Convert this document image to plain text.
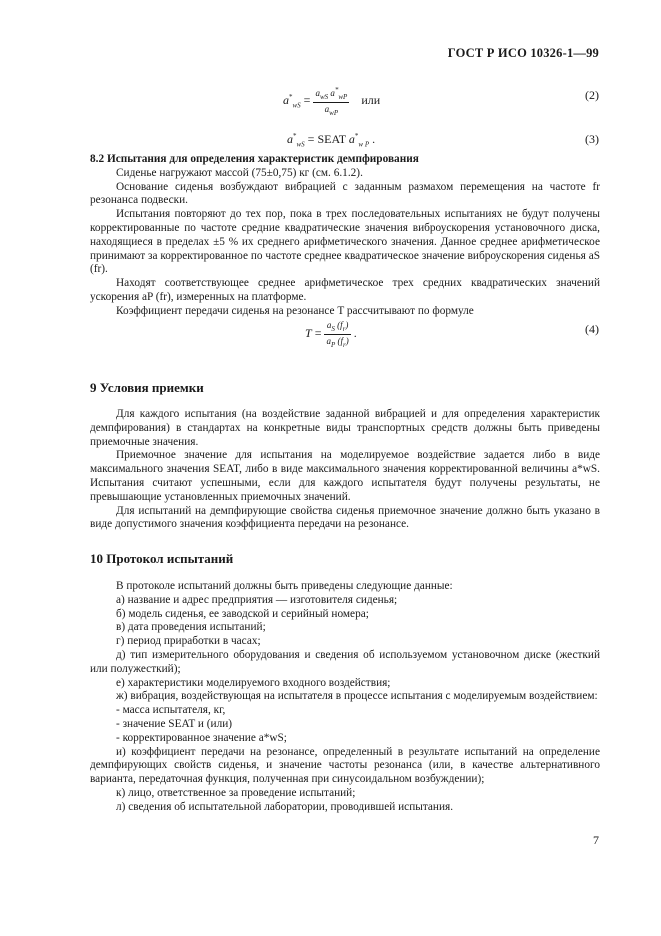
ГОСТ Р ИСО 10326-1—99
$a^*_{wS} = \frac{a_{wS} a^*_{wP}}{a_{wP}}$ или	(2)
$a^*_{wS}$ = SEAT $a^*_{w P}$ .	(3)

8.2 Испытания для определения характеристик демпфирования

Сиденье нагружают массой (75±0,75) кг (см. 6.1.2).

Основание сиденья возбуждают вибрацией с заданным размахом перемещения на частоте fr резонанса подвески.

Испытания повторяют до тех пор, пока в трех последовательных испытаниях не будут получены корректированные по частоте средние квадратические значения виброускорения установочного диска, находящиеся в пределах ±5 % их среднего арифметического значения. Данное среднее арифметическое принимают за корректированное по частоте среднее квадратическое значение виброускорения сиденья aS (fr).

Находят соответствующее среднее арифметическое трех средних квадратических значений ускорения aP (fr), измеренных на платформе.

Коэффициент передачи сиденья на резонансе T рассчитывают по формуле

$T = \frac{a_S (f_r)}{a_P (f_r)}$ .	(4)
9 Условия приемки

Для каждого испытания (на воздействие заданной вибрацией и для определения характеристик демпфирования) в стандартах на конкретные виды транспортных средств должны быть приведены приемочные значения.

Приемочное значение для испытания на моделируемое воздействие задается либо в виде максимального значения SEAT, либо в виде максимального значения корректированной величины a*wS. Испытания считают успешными, если для каждого испытателя будут получены результаты, не превышающие установленных приемочных значений.

Для испытаний на демпфирующие свойства сиденья приемочное значение должно быть указано в виде допустимого значения коэффициента передачи на резонансе.

10 Протокол испытаний

В протоколе испытаний должны быть приведены следующие данные:

а) название и адрес предприятия — изготовителя сиденья;

б) модель сиденья, ее заводской и серийный номера;

в) дата проведения испытаний;

г) период приработки в часах;

д) тип измерительного оборудования и сведения об используемом установочном диске (жесткий или полужесткий);

е) характеристики моделируемого входного воздействия;

ж) вибрация, воздействующая на испытателя в процессе испытания с моделируемым воздействием:

- масса испытателя, кг,

- значение SEAT и (или)

- корректированное значение a*wS;

и) коэффициент передачи на резонансе, определенный в результате испытаний на определение демпфирующих свойств сиденья, и значение частоты резонанса (или, в качестве альтернативного варианта, передаточная функция, полученная при синусоидальном возбуждении);

к) лицо, ответственное за проведение испытаний;

л) сведения об испытательной лаборатории, проводившей испытания.

7
